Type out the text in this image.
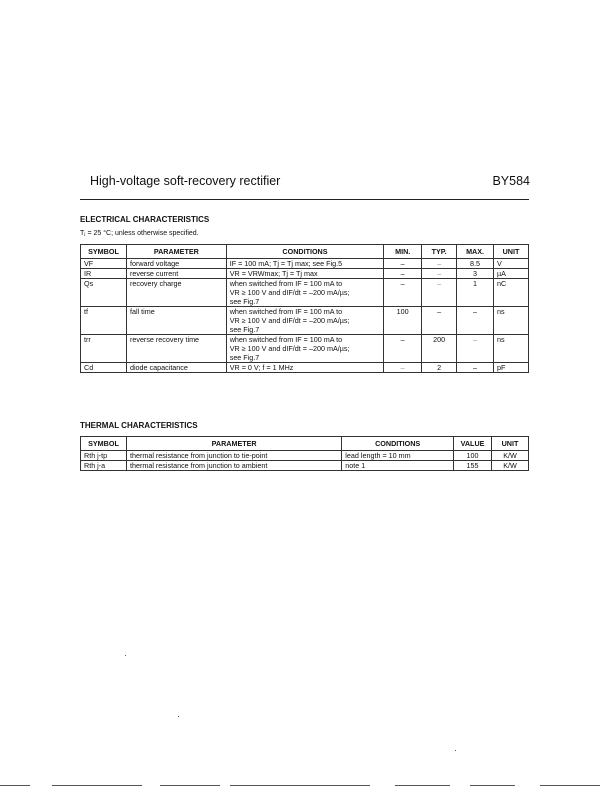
High-voltage soft-recovery rectifier	BY584
ELECTRICAL CHARACTERISTICS
Tⱼ = 25 °C; unless otherwise specified.
SYMBOL	PARAMETER	CONDITIONS	MIN.	TYP.	MAX.	UNIT
VF	forward voltage	IF = 100 mA; Tj = Tj max; see Fig.5	–	–	8.5	V
IR	reverse current	VR = VRWmax; Tj = Tj max	–	–	3	µA
Qs	recovery charge	when switched from IF = 100 mA to
VR ≥ 100 V and dIF/dt = –200 mA/µs;
see Fig.7	–	–	1	nC
tf	fall time	when switched from IF = 100 mA to
VR ≥ 100 V and dIF/dt = –200 mA/µs;
see Fig.7	100	–	–	ns
trr	reverse recovery time	when switched from IF = 100 mA to
VR ≥ 100 V and dIF/dt = –200 mA/µs;
see Fig.7	–	200	–	ns
Cd	diode capacitance	VR = 0 V; f = 1 MHz	–	2	–	pF
THERMAL CHARACTERISTICS
SYMBOL	PARAMETER	CONDITIONS	VALUE	UNIT
Rth j-tp	thermal resistance from junction to tie-point	lead length = 10 mm	100	K/W
Rth j-a	thermal resistance from junction to ambient	note 1	155	K/W
